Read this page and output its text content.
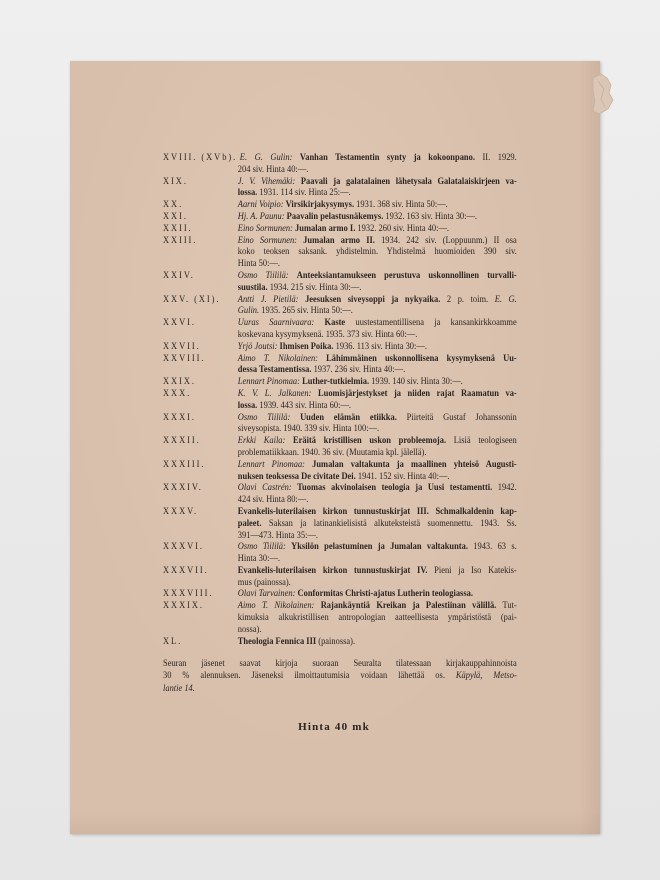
XVIII. (XVb). E. G. Gulin: Vanhan Testamentin synty ja kokoonpano. II. 1929.
204 siv. Hinta 40:—.
XIX.	J. V. Vihemäki: Paavali ja galatalainen lähetysala Galatalaiskirjeen va-
lossa. 1931. 114 siv. Hinta 25:—.
XX.	Aarni Voipio: Virsikirjakysymys. 1931. 368 siv. Hinta 50:—.
XXI.	Hj. A. Paunu: Paavalin pelastusnäkemys. 1932. 163 siv. Hinta 30:—.
XXII.	Eino Sormunen: Jumalan armo I. 1932. 260 siv. Hinta 40:—.
XXIII.	Eino Sormunen: Jumalan armo II. 1934. 242 siv. (Loppuunm.) II osa
koko teoksen saksank. yhdistelmin. Yhdistelmä huomioiden 390 siv.
Hinta 50:—.
XXIV.	Osmo Tiililä: Anteeksiantamukseen perustuva uskonnollinen turvalli-
suustila. 1934. 215 siv. Hinta 30:—.
XXV. (XI).	Antti J. Pietilä: Jeesuksen siveysoppi ja nykyaika. 2 p. toim. E. G.
Gulin. 1935. 265 siv. Hinta 50:—.
XXVI.	Uuras Saarnivaara: Kaste uustestamentillisena ja kansankirkkoamme
koskevana kysymyksenä. 1935. 373 siv. Hinta 60:—.
XXVII.	Yrjö Joutsi: Ihmisen Poika. 1936. 113 siv. Hinta 30:—.
XXVIII.	Aimo T. Nikolainen: Lähimmäinen uskonnollisena kysymyksenä Uu-
dessa Testamentissa. 1937. 236 siv. Hinta 40:—.
XXIX.	Lennart Pinomaa: Luther-tutkielmia. 1939. 140 siv. Hinta 30:—.
XXX.	K. V. L. Jalkanen: Luomisjärjestykset ja niiden rajat Raamatun va-
lossa. 1939. 443 siv. Hinta 60:—.
XXXI.	Osmo Tiililä: Uuden elämän etiikka. Piirteitä Gustaf Johanssonin
siveysopista. 1940. 339 siv. Hinta 100:—.
XXXII.	Erkki Kaila: Eräitä kristillisen uskon probleemoja. Lisiä teologiseen
problematiikkaan. 1940. 36 siv. (Muutamia kpl. jälellä).
XXXIII.	Lennart Pinomaa: Jumalan valtakunta ja maallinen yhteisö Augusti-
nuksen teoksessa De civitate Dei. 1941. 152 siv. Hinta 40:—.
XXXIV.	Olavi Castrén: Tuomas akvinolaisen teologia ja Uusi testamentti. 1942.
424 siv. Hinta 80:—.
XXXV.	Evankelis-luterilaisen kirkon tunnustuskirjat III. Schmalkaldenin kap-
paleet. Saksan ja latinankielisistä alkuteksteistä suomennettu. 1943. Ss.
391—473. Hinta 35:—.
XXXVI.	Osmo Tiililä: Yksilön pelastuminen ja Jumalan valtakunta. 1943. 63 s.
Hinta 30:—.
XXXVII.	Evankelis-luterilaisen kirkon tunnustuskirjat IV. Pieni ja Iso Katekis-
mus (painossa).
XXXVIII.	Olavi Tarvainen: Conformitas Christi-ajatus Lutherin teologiassa.
XXXIX.	Aimo T. Nikolainen: Rajankäyntiä Kreikan ja Palestiinan välillä. Tut-
kimuksia alkukristillisen antropologian aatteellisesta ympäristöstä (pai-
nossa).
XL.	Theologia Fennica III (painossa).
Seuran jäsenet saavat kirjoja suoraan Seuralta tilatessaan kirjakauppahinnoista
30 % alennuksen. Jäseneksi ilmoittautumisia voidaan lähettää os. Käpylä, Metso-
lantie 14.
Hinta 40 mk
